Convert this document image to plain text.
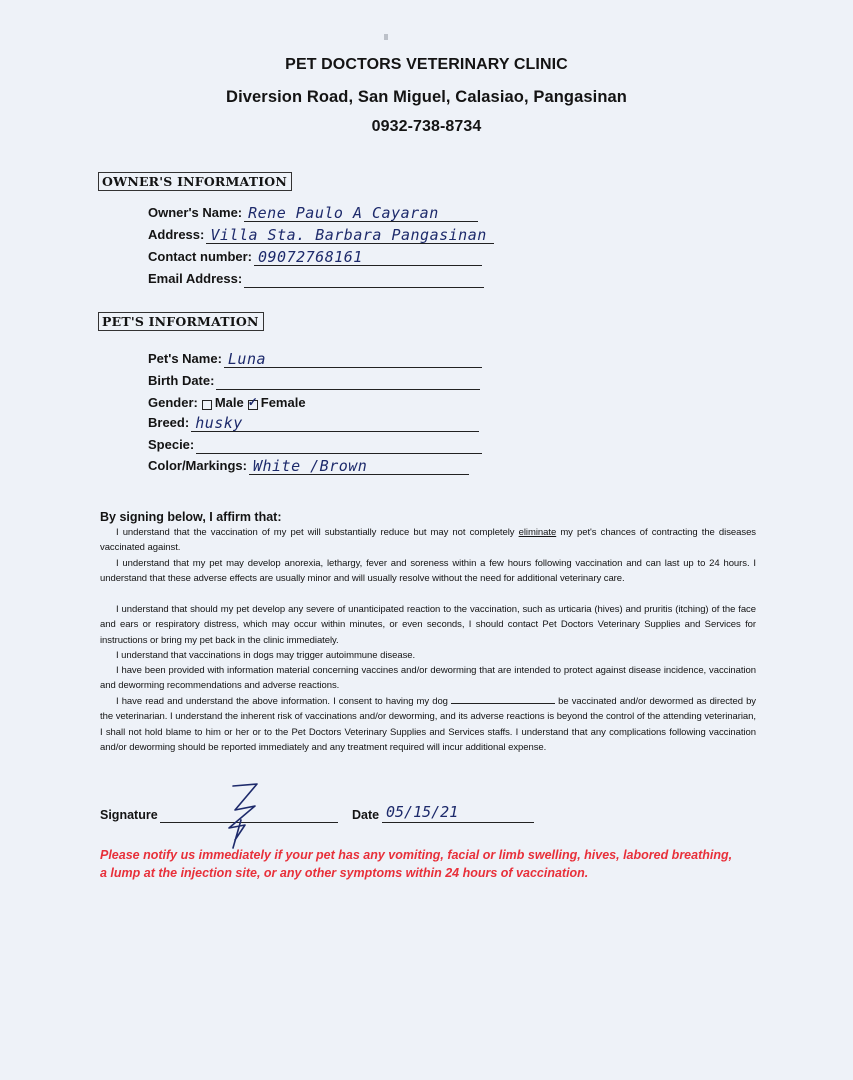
PET DOCTORS VETERINARY CLINIC
Diversion Road, San Miguel, Calasiao, Pangasinan
0932-738-8734
OWNER'S INFORMATION
Owner's Name: Rene Paulo A Cayaran
Address: Villa Sta. Barbara Pangasinan
Contact number: 09072768161
Email Address:
PET'S INFORMATION
Pet's Name: Luna
Birth Date:
Gender: Male
✓ Female
Breed: husky
Specie:
Color/Markings: White /Brown
By signing below, I affirm that:
I understand that the vaccination of my pet will substantially reduce but may not completely eliminate my pet's chances of contracting the diseases vaccinated against.
I understand that my pet may develop anorexia, lethargy, fever and soreness within a few hours following vaccination and can last up to 24 hours. I understand that these adverse effects are usually minor and will usually resolve without the need for additional veterinary care.
I understand that should my pet develop any severe of unanticipated reaction to the vaccination, such as urticaria (hives) and pruritis (itching) of the face and ears or respiratory distress, which may occur within minutes, or even seconds, I should contact Pet Doctors Veterinary Supplies and Services for instructions or bring my pet back in the clinic immediately.
I understand that vaccinations in dogs may trigger autoimmune disease.
I have been provided with information material concerning vaccines and/or deworming that are intended to protect against disease incidence, vaccination and deworming recommendations and adverse reactions.
I have read and understand the above information. I consent to having my dog	be vaccinated and/or dewormed as directed by the veterinarian. I understand the inherent risk of vaccinations and/or deworming, and its adverse reactions is beyond the control of the attending veterinarian, I shall not hold blame to him or her or to the Pet Doctors Veterinary Supplies and Services staffs. I understand that any complications following vaccination and/or deworming should be reported immediately and any treatment required will incur additional expense.
Signature	Date 05/15/21
Please notify us immediately if your pet has any vomiting, facial or limb swelling, hives, labored breathing, a lump at the injection site, or any other symptoms within 24 hours of vaccination.
